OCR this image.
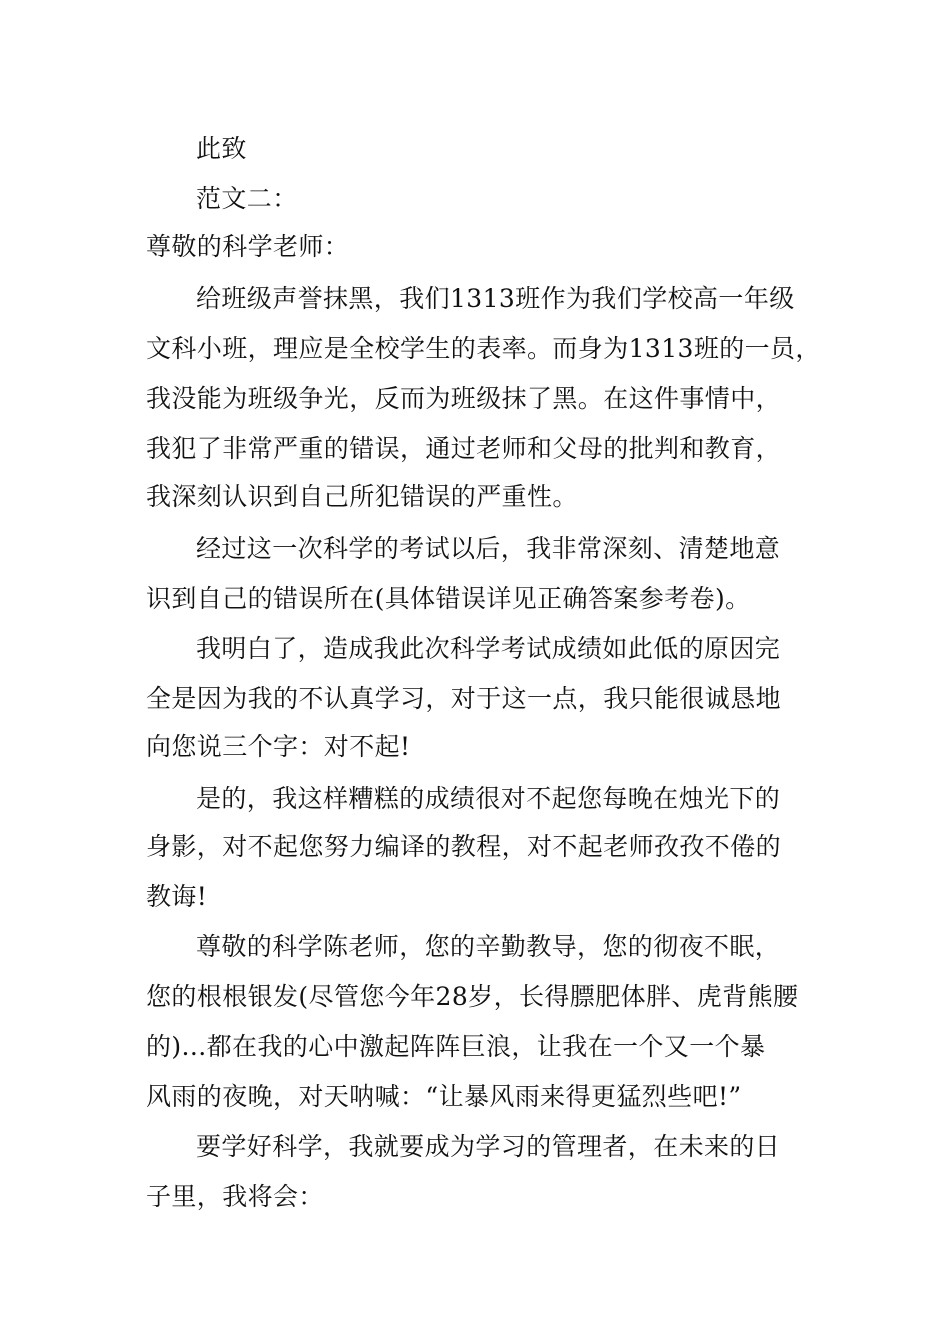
此致
范文二：
尊敬的科学老师：
给班级声誉抹黑，我们1313班作为我们学校高一年级
文科小班，理应是全校学生的表率。而身为1313班的一员，
我没能为班级争光，反而为班级抹了黑。在这件事情中，
我犯了非常严重的错误，通过老师和父母的批判和教育，
我深刻认识到自己所犯错误的严重性。
经过这一次科学的考试以后，我非常深刻、清楚地意
识到自己的错误所在(具体错误详见正确答案参考卷)。
我明白了，造成我此次科学考试成绩如此低的原因完
全是因为我的不认真学习，对于这一点，我只能很诚恳地
向您说三个字：对不起!
是的，我这样糟糕的成绩很对不起您每晚在烛光下的
身影，对不起您努力编译的教程，对不起老师孜孜不倦的
教诲!
尊敬的科学陈老师，您的辛勤教导，您的彻夜不眠，
您的根根银发(尽管您今年28岁，长得膘肥体胖、虎背熊腰
的)...都在我的心中激起阵阵巨浪，让我在一个又一个暴
风雨的夜晚，对天呐喊：“让暴风雨来得更猛烈些吧!”
要学好科学，我就要成为学习的管理者，在未来的日
子里，我将会：
